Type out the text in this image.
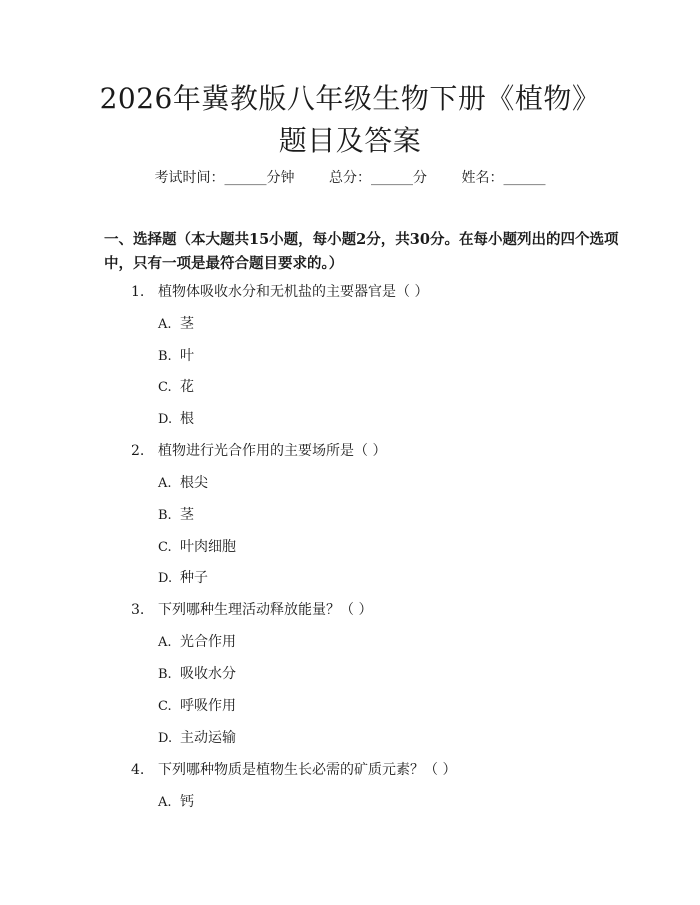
2026年冀教版八年级生物下册《植物》题目及答案
考试时间：______分钟 总分：______分 姓名：______

一、选择题（本大题共15小题，每小题2分，共30分。在每小题列出的四个选项中，只有一项是最符合题目要求的。）

1. 植物体吸收水分和无机盐的主要器官是（ ）
A. 茎
B. 叶
C. 花
D. 根
2. 植物进行光合作用的主要场所是（ ）
A. 根尖
B. 茎
C. 叶肉细胞
D. 种子
3. 下列哪种生理活动释放能量？（ ）
A. 光合作用
B. 吸收水分
C. 呼吸作用
D. 主动运输
4. 下列哪种物质是植物生长必需的矿质元素？（ ）
A. 钙
